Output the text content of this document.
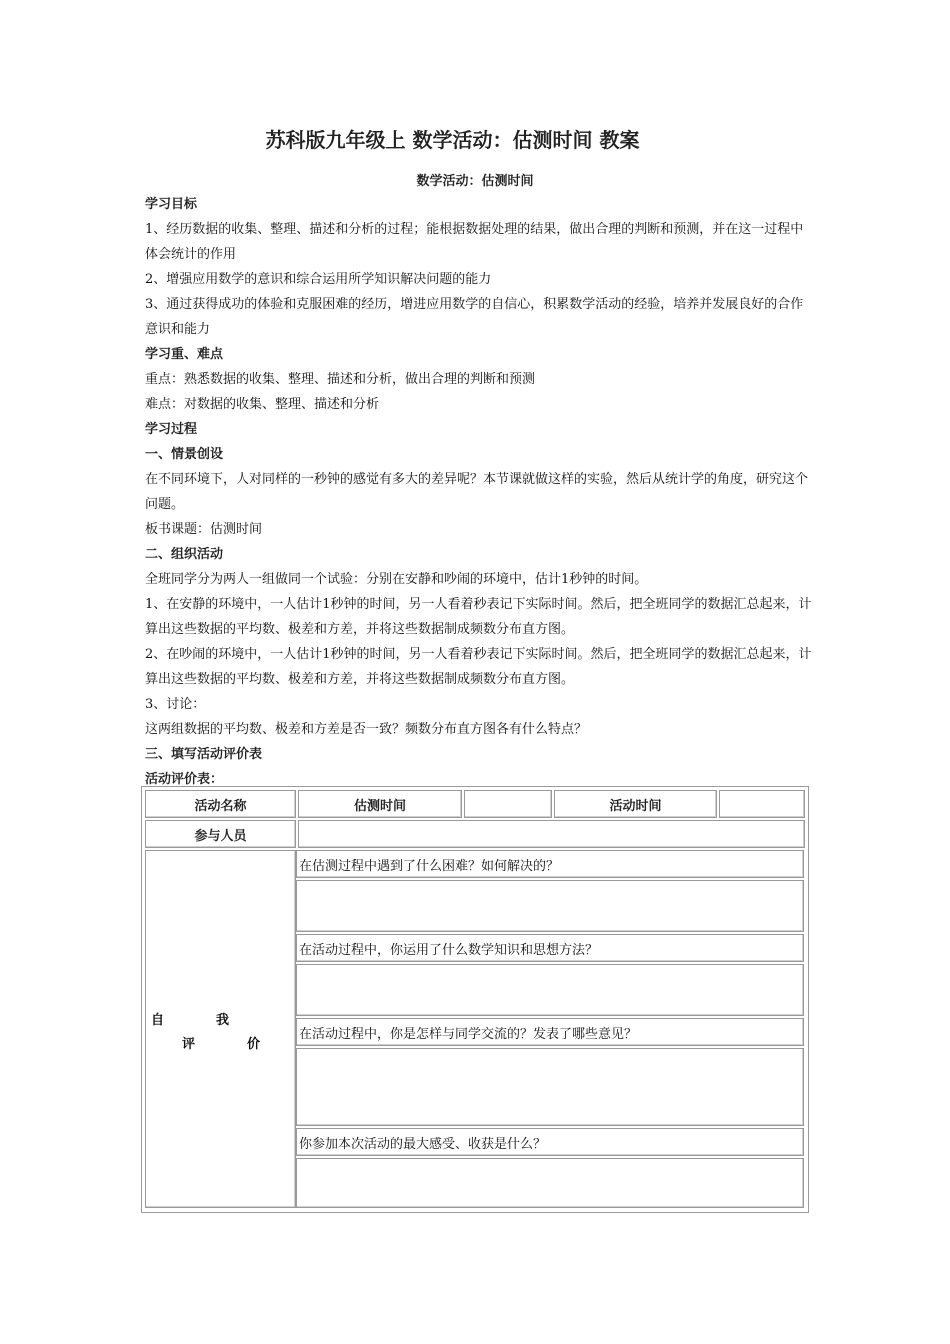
苏科版九年级上 数学活动：估测时间 教案
数学活动：估测时间

学习目标

1、经历数据的收集、整理、描述和分析的过程；能根据数据处理的结果，做出合理的判断和预测，并在这一过程中体会统计的作用

2、增强应用数学的意识和综合运用所学知识解决问题的能力

3、通过获得成功的体验和克服困难的经历，增进应用数学的自信心，积累数学活动的经验，培养并发展良好的合作意识和能力

学习重、难点

重点：熟悉数据的收集、整理、描述和分析，做出合理的判断和预测

难点：对数据的收集、整理、描述和分析

学习过程

一、情景创设

在不同环境下，人对同样的一秒钟的感觉有多大的差异呢？本节课就做这样的实验，然后从统计学的角度，研究这个问题。

板书课题：估测时间

二、组织活动

全班同学分为两人一组做同一个试验：分别在安静和吵闹的环境中，估计1秒钟的时间。

1、在安静的环境中，一人估计1秒钟的时间，另一人看着秒表记下实际时间。然后，把全班同学的数据汇总起来，计算出这些数据的平均数、极差和方差，并将这些数据制成频数分布直方图。

2、在吵闹的环境中，一人估计1秒钟的时间，另一人看着秒表记下实际时间。然后，把全班同学的数据汇总起来，计算出这些数据的平均数、极差和方差，并将这些数据制成频数分布直方图。

3、讨论：

这两组数据的平均数、极差和方差是否一致？频数分布直方图各有什么特点？

三、填写活动评价表

活动评价表：

活动名称	估测时间	活动时间
参与人员
自　　　　我
评　　　　价
在估测过程中遇到了什么困难？如何解决的？
在活动过程中，你运用了什么数学知识和思想方法？
在活动过程中，你是怎样与同学交流的？发表了哪些意见？
你参加本次活动的最大感受、收获是什么？
